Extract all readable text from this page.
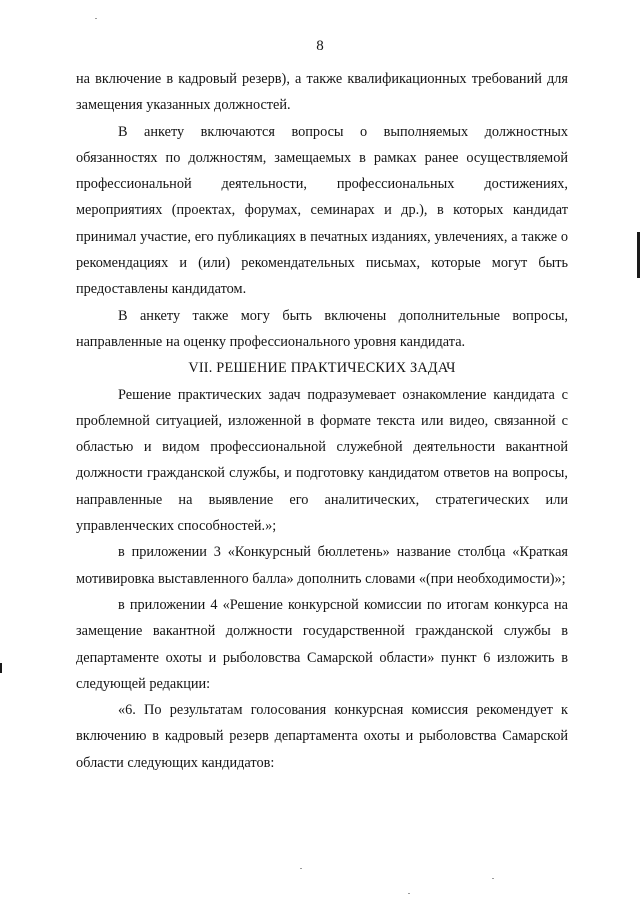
8

на включение в кадровый резерв), а также квалификационных требований для замещения указанных должностей.

В анкету включаются вопросы о выполняемых должностных обязанностях по должностям, замещаемых в рамках ранее осуществляемой профессиональной деятельности, профессиональных достижениях, мероприятиях (проектах, форумах, семинарах и др.), в которых кандидат принимал участие, его публикациях в печатных изданиях, увлечениях, а также о рекомендациях и (или) рекомендательных письмах, которые могут быть предоставлены кандидатом.

В анкету также могу быть включены дополнительные вопросы, направленные на оценку профессионального уровня кандидата.

VII. РЕШЕНИЕ ПРАКТИЧЕСКИХ ЗАДАЧ

Решение практических задач подразумевает ознакомление кандидата с проблемной ситуацией, изложенной в формате текста или видео, связанной с областью и видом профессиональной служебной деятельности вакантной должности гражданской службы, и подготовку кандидатом ответов на вопросы, направленные на выявление его аналитических, стратегических или управленческих способностей.»;

в приложении 3 «Конкурсный бюллетень» название столбца «Краткая мотивировка выставленного балла» дополнить словами «(при необходимости)»;

в приложении 4 «Решение конкурсной комиссии по итогам конкурса на замещение вакантной должности государственной гражданской службы в департаменте охоты и рыболовства Самарской области» пункт 6 изложить в следующей редакции:

«6. По результатам голосования конкурсная комиссия рекомендует к включению в кадровый резерв департамента охоты и рыболовства Самарской области следующих кандидатов:
